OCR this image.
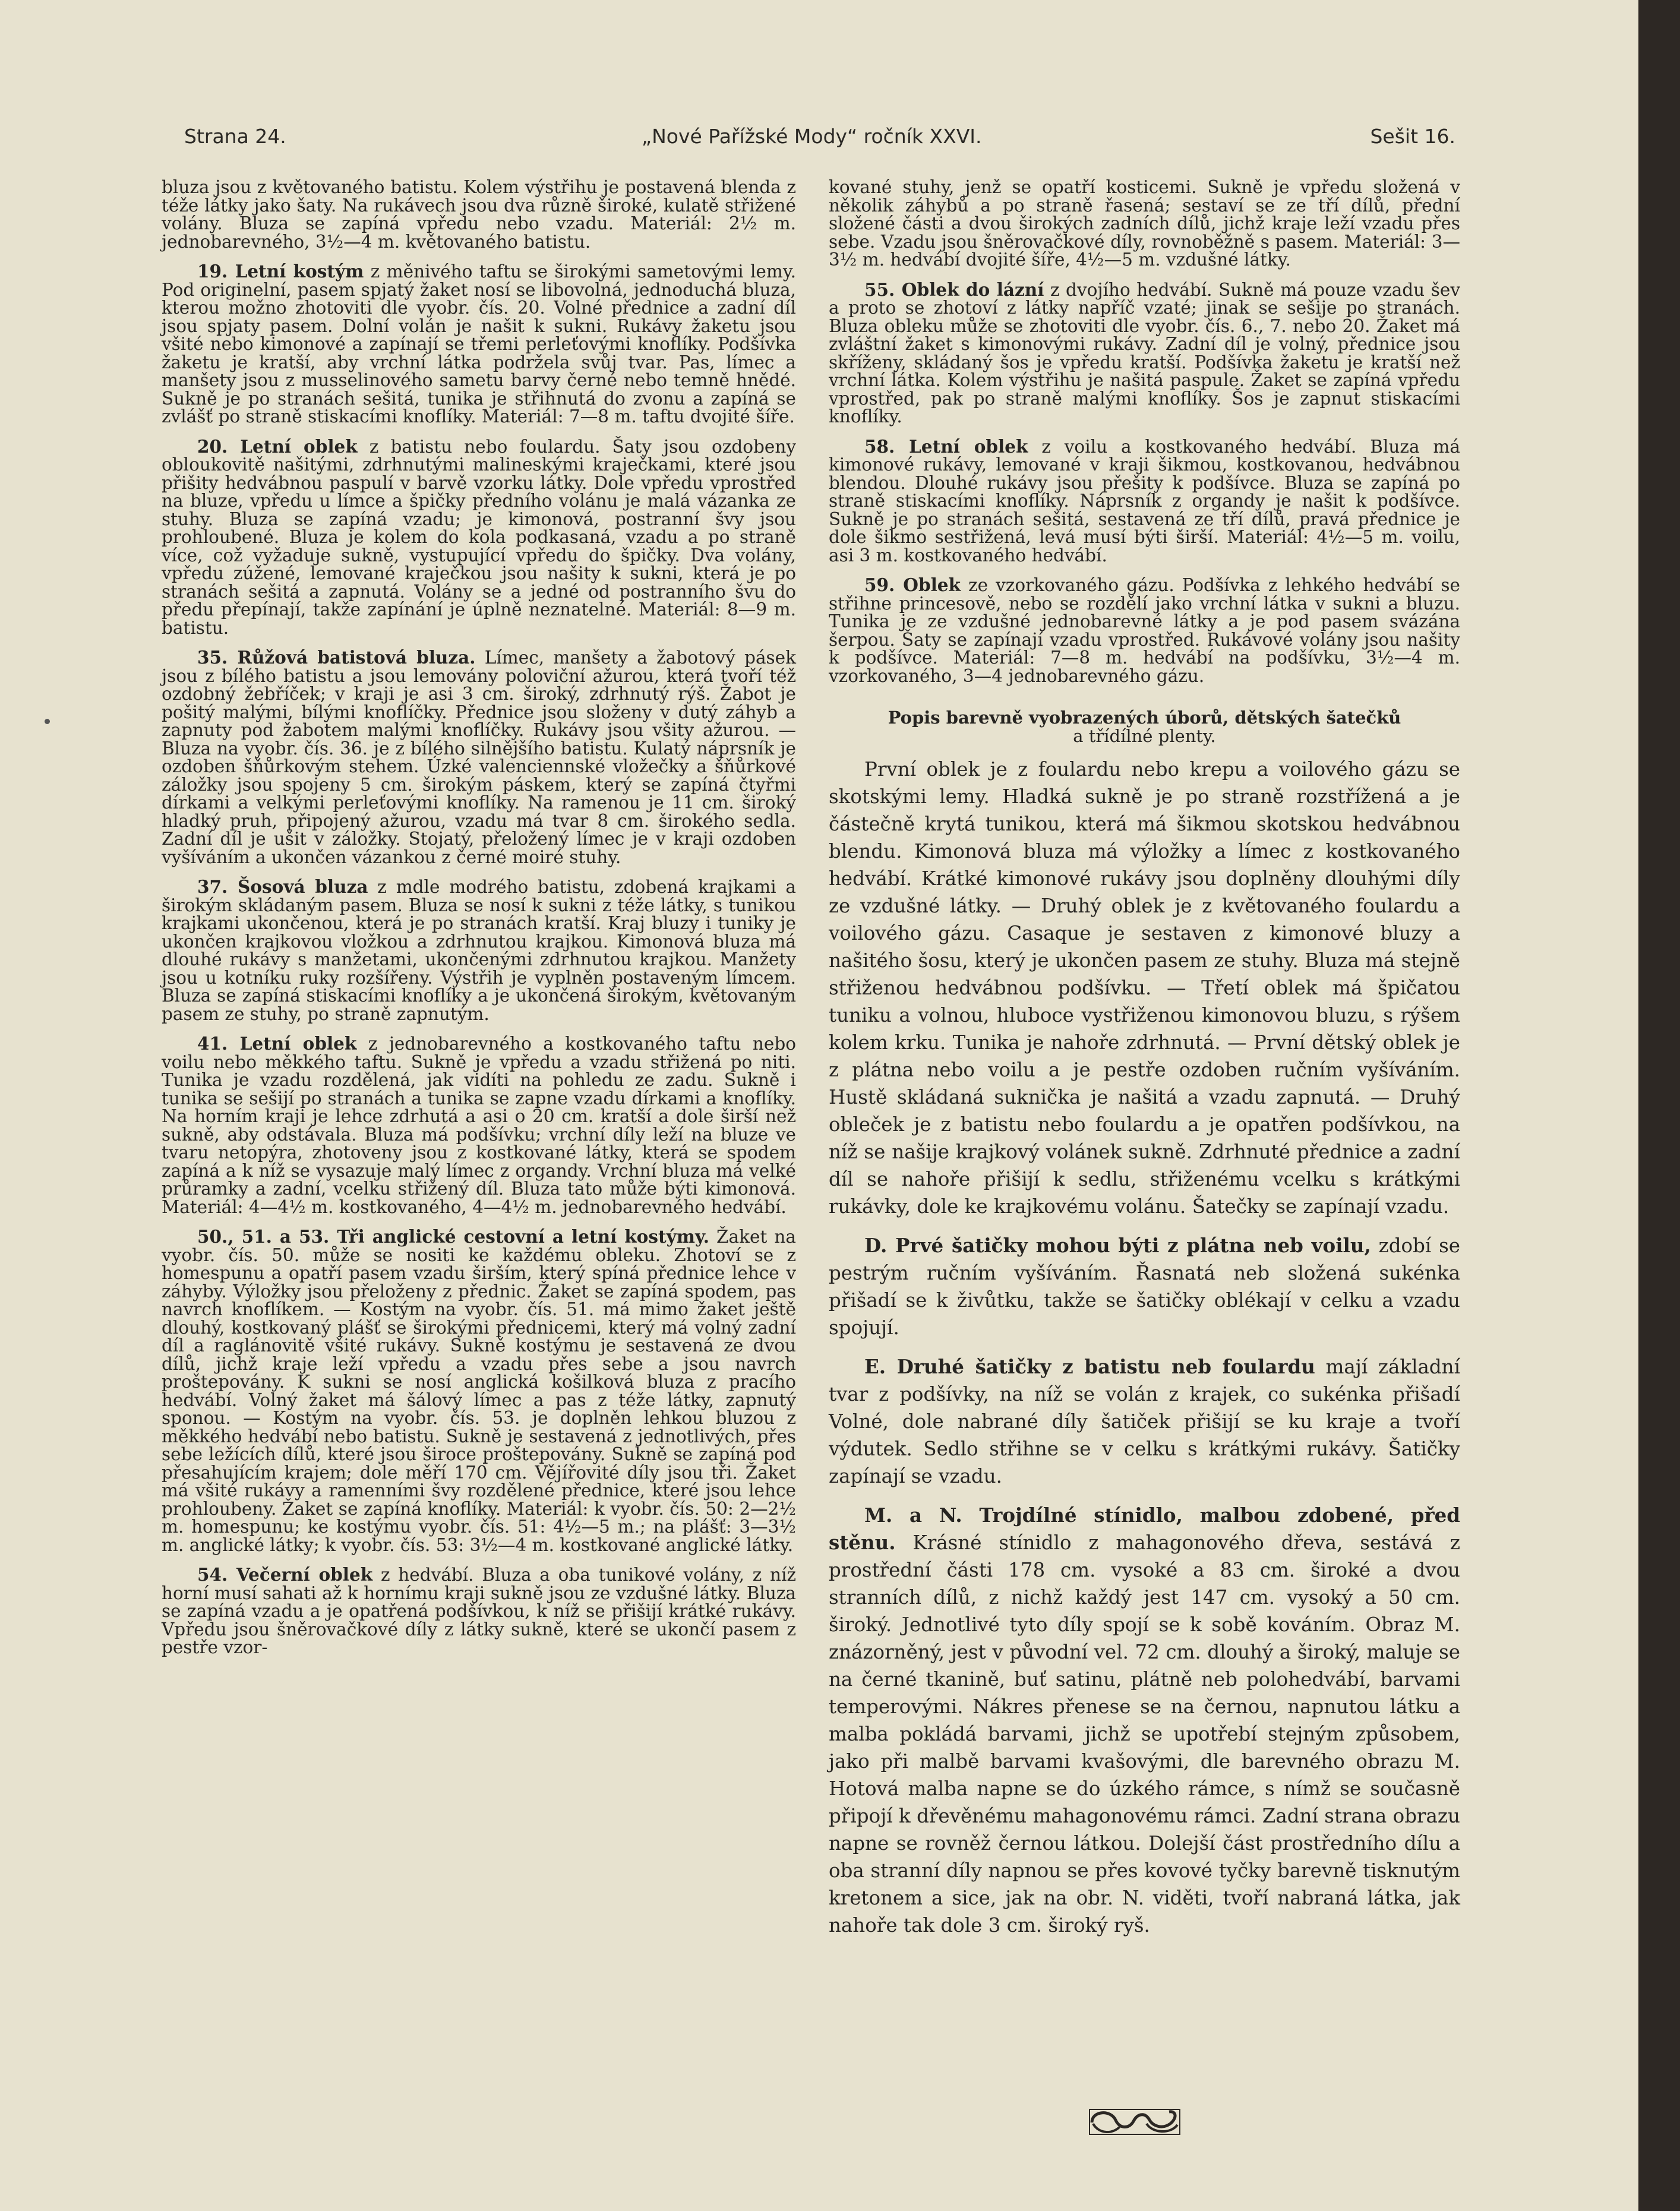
Strana 24.	„Nové Pařížské Mody“ ročník XXVI.	Sešit 16.

bluza jsou z květovaného batistu. Kolem výstřihu je postavená blenda z téže látky jako šaty. Na rukávech jsou dva různě široké, kulatě střižené volány. Bluza se zapíná vpředu nebo vzadu. Materiál: 2½ m. jednobarevného, 3½—4 m. květovaného batistu.

19. Letní kostým z měnivého taftu se širokými sametovými lemy. Pod originelní, pasem spjatý žaket nosí se libovolná, jednoduchá bluza, kterou možno zhotoviti dle vyobr. čís. 20. Volné přednice a zadní díl jsou spjaty pasem. Dolní volán je našit k sukni. Rukávy žaketu jsou všité nebo kimonové a zapínají se třemi perleťovými knoflíky. Podšívka žaketu je kratší, aby vrchní látka podržela svůj tvar. Pas, límec a manšety jsou z musselinového sametu barvy černé nebo temně hnědé. Sukně je po stranách sešitá, tunika je střihnutá do zvonu a zapíná se zvlášť po straně stiskacími knoflíky. Materiál: 7—8 m. taftu dvojité šíře.

20. Letní oblek z batistu nebo foulardu. Šaty jsou ozdobeny obloukovitě našitými, zdrhnutými malineskými kraječkami, které jsou přišity hedvábnou paspulí v barvě vzorku látky. Dole vpředu vprostřed na bluze, vpředu u límce a špičky předního volánu je malá vázanka ze stuhy. Bluza se zapíná vzadu; je kimonová, postranní švy jsou prohloubené. Bluza je kolem do kola podkasaná, vzadu a po straně více, což vyžaduje sukně, vystupující vpředu do špičky. Dva volány, vpředu zúžené, lemované kraječkou jsou našity k sukni, která je po stranách sešitá a zapnutá. Volány se a jedné od postranního švu do předu přepínají, takže zapínání je úplně neznatelné. Materiál: 8—9 m. batistu.

35. Růžová batistová bluza. Límec, manšety a žabotový pásek jsou z bílého batistu a jsou lemovány poloviční ažurou, která tvoří též ozdobný žebříček; v kraji je asi 3 cm. široký, zdrhnutý rýš. Žabot je pošitý malými, bílými knoflíčky. Přednice jsou složeny v dutý záhyb a zapnuty pod žabotem malými knoflíčky. Rukávy jsou všity ažurou. — Bluza na vyobr. čís. 36. je z bílého silnějšího batistu. Kulatý náprsník je ozdoben šňůrkovým stehem. Úzké valenciennské vložečky a šňůrkové záložky jsou spojeny 5 cm. širokým páskem, který se zapíná čtyřmi dírkami a velkými perleťovými knoflíky. Na ramenou je 11 cm. široký hladký pruh, připojený ažurou, vzadu má tvar 8 cm. širokého sedla. Zadní díl je ušit v záložky. Stojatý, přeložený límec je v kraji ozdoben vyšíváním a ukončen vázankou z černé moiré stuhy.

37. Šosová bluza z mdle modrého batistu, zdobená krajkami a širokým skládaným pasem. Bluza se nosí k sukni z téže látky, s tunikou krajkami ukončenou, která je po stranách kratší. Kraj bluzy i tuniky je ukončen krajkovou vložkou a zdrhnutou krajkou. Kimonová bluza má dlouhé rukávy s manžetami, ukončenými zdrhnutou krajkou. Manžety jsou u kotníku ruky rozšířeny. Výstřih je vyplněn postaveným límcem. Bluza se zapíná stiskacími knoflíky a je ukončená širokým, květovaným pasem ze stuhy, po straně zapnutým.

41. Letní oblek z jednobarevného a kostkovaného taftu nebo voilu nebo měkkého taftu. Sukně je vpředu a vzadu střižená po niti. Tunika je vzadu rozdělená, jak vidíti na pohledu ze zadu. Sukně i tunika se sešijí po stranách a tunika se zapne vzadu dírkami a knoflíky. Na horním kraji je lehce zdrhutá a asi o 20 cm. kratší a dole širší než sukně, aby odstávala. Bluza má podšívku; vrchní díly leží na bluze ve tvaru netopýra, zhotoveny jsou z kostkované látky, která se spodem zapíná a k níž se vysazuje malý límec z organdy. Vrchní bluza má velké průramky a zadní, vcelku střižený díl. Bluza tato může býti kimonová. Materiál: 4—4½ m. kostkovaného, 4—4½ m. jednobarevného hedvábí.

50., 51. a 53. Tři anglické cestovní a letní kostýmy. Žaket na vyobr. čís. 50. může se nositi ke každému obleku. Zhotoví se z homespunu a opatří pasem vzadu širším, který spíná přednice lehce v záhyby. Výložky jsou přeloženy z přednic. Žaket se zapíná spodem, pas navrch knoflíkem. — Kostým na vyobr. čís. 51. má mimo žaket ještě dlouhý, kostkovaný plášť se širokými přednicemi, který má volný zadní díl a raglánovitě všité rukávy. Sukně kostýmu je sestavená ze dvou dílů, jichž kraje leží vpředu a vzadu přes sebe a jsou navrch proštepovány. K sukni se nosí anglická košilková bluza z pracího hedvábí. Volný žaket má šálový límec a pas z téže látky, zapnutý sponou. — Kostým na vyobr. čís. 53. je doplněn lehkou bluzou z měkkého hedvábí nebo batistu. Sukně je sestavená z jednotlivých, přes sebe ležících dílů, které jsou široce proštepovány. Sukně se zapíná pod přesahujícím krajem; dole měří 170 cm. Vějířovité díly jsou tři. Žaket má všité rukávy a ramenními švy rozdělené přednice, které jsou lehce prohloubeny. Žaket se zapíná knoflíky. Materiál: k vyobr. čís. 50: 2—2½ m. homespunu; ke kostýmu vyobr. čís. 51: 4½—5 m.; na plášť: 3—3½ m. anglické látky; k vyobr. čís. 53: 3½—4 m. kostkované anglické látky.

54. Večerní oblek z hedvábí. Bluza a oba tunikové volány, z níž horní musí sahati až k hornímu kraji sukně jsou ze vzdušné látky. Bluza se zapíná vzadu a je opatřená podšívkou, k níž se přišijí krátké rukávy. Vpředu jsou šněrovačkové díly z látky sukně, které se ukončí pasem z pestře vzor-

kované stuhy, jenž se opatří kosticemi. Sukně je vpředu složená v několik záhybů a po straně řasená; sestaví se ze tří dílů, přední složené části a dvou širokých zadních dílů, jichž kraje leží vzadu přes sebe. Vzadu jsou šněrovačkové díly, rovnoběžně s pasem. Materiál: 3—3½ m. hedvábí dvojité šíře, 4½—5 m. vzdušné látky.

55. Oblek do lázní z dvojího hedvábí. Sukně má pouze vzadu šev a proto se zhotoví z látky napříč vzaté; jinak se sešije po stranách. Bluza obleku může se zhotoviti dle vyobr. čís. 6., 7. nebo 20. Žaket má zvláštní žaket s kimonovými rukávy. Zadní díl je volný, přednice jsou skříženy, skládaný šos je vpředu kratší. Podšívka žaketu je kratší než vrchní látka. Kolem výstřihu je našitá paspule. Žaket se zapíná vpředu vprostřed, pak po straně malými knoflíky. Šos je zapnut stiskacími knoflíky.

58. Letní oblek z voilu a kostkovaného hedvábí. Bluza má kimonové rukávy, lemované v kraji šikmou, kostkovanou, hedvábnou blendou. Dlouhé rukávy jsou přešity k podšívce. Bluza se zapíná po straně stiskacími knoflíky. Náprsník z organdy je našit k podšívce. Sukně je po stranách sešitá, sestavená ze tří dílů, pravá přednice je dole šikmo sestřižená, levá musí býti širší. Materiál: 4½—5 m. voilu, asi 3 m. kostkovaného hedvábí.

59. Oblek ze vzorkovaného gázu. Podšívka z lehkého hedvábí se střihne princesově, nebo se rozdělí jako vrchní látka v sukni a bluzu. Tunika je ze vzdušné jednobarevné látky a je pod pasem svázána šerpou. Šaty se zapínají vzadu vprostřed. Rukávové volány jsou našity k podšívce. Materiál: 7—8 m. hedvábí na podšívku, 3½—4 m. vzorkovaného, 3—4 jednobarevného gázu.

Popis barevně vyobrazených úborů, dětských šatečků
a třídílné plenty.

První oblek je z foulardu nebo krepu a voilového gázu se skotskými lemy. Hladká sukně je po straně rozstřížená a je částečně krytá tunikou, která má šikmou skotskou hedvábnou blendu. Kimonová bluza má výložky a límec z kostkovaného hedvábí. Krátké kimonové rukávy jsou doplněny dlouhými díly ze vzdušné látky. — Druhý oblek je z květovaného foulardu a voilového gázu. Casaque je sestaven z kimonové bluzy a našitého šosu, který je ukončen pasem ze stuhy. Bluza má stejně střiženou hedvábnou podšívku. — Třetí oblek má špičatou tuniku a volnou, hluboce vystřiženou kimonovou bluzu, s rýšem kolem krku. Tunika je nahoře zdrhnutá. — První dětský oblek je z plátna nebo voilu a je pestře ozdoben ručním vyšíváním. Hustě skládaná suknička je našitá a vzadu zapnutá. — Druhý obleček je z batistu nebo foulardu a je opatřen podšívkou, na níž se našije krajkový volánek sukně. Zdrhnuté přednice a zadní díl se nahoře přišijí k sedlu, střiženému vcelku s krátkými rukávky, dole ke krajkovému volánu. Šatečky se zapínají vzadu.

D. Prvé šatičky mohou býti z plátna neb voilu, zdobí se pestrým ručním vyšíváním. Řasnatá neb složená sukénka přišadí se k živůtku, takže se šatičky oblékají v celku a vzadu spojují.

E. Druhé šatičky z batistu neb foulardu mají základní tvar z podšívky, na níž se volán z krajek, co sukénka přišadí Volné, dole nabrané díly šatiček přišijí se ku kraje a tvoří výdutek. Sedlo střihne se v celku s krátkými rukávy. Šatičky zapínají se vzadu.

M. a N. Trojdílné stínidlo, malbou zdobené, před stěnu. Krásné stínidlo z mahagonového dřeva, sestává z prostřední části 178 cm. vysoké a 83 cm. široké a dvou stranních dílů, z nichž každý jest 147 cm. vysoký a 50 cm. široký. Jednotlivé tyto díly spojí se k sobě kováním. Obraz M. znázorněný, jest v původní vel. 72 cm. dlouhý a široký, maluje se na černé tkanině, buť satinu, plátně neb polohedvábí, barvami temperovými. Nákres přenese se na černou, napnutou látku a malba pokládá barvami, jichž se upotřebí stejným způsobem, jako při malbě barvami kvašovými, dle barevného obrazu M. Hotová malba napne se do úzkého rámce, s nímž se současně připojí k dřevěnému mahagonovému rámci. Zadní strana obrazu napne se rovněž černou látkou. Dolejší část prostředního dílu a oba stranní díly napnou se přes kovové tyčky barevně tisknutým kretonem a sice, jak na obr. N. viděti, tvoří nabraná látka, jak nahoře tak dole 3 cm. široký ryš.
